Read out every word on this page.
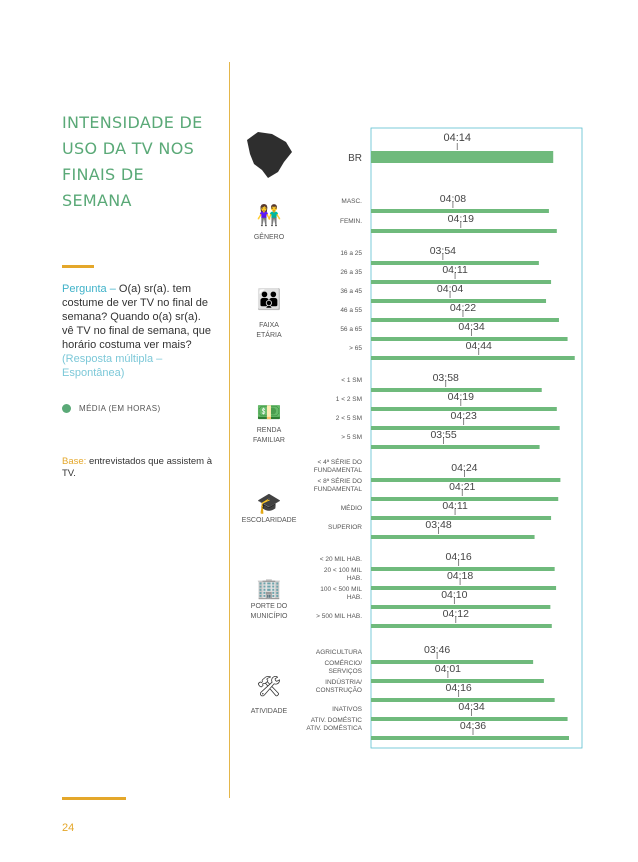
INTENSIDADE DE
USO DA TV NOS
FINAIS DE
SEMANA
Pergunta – O(a) sr(a). tem costume de ver TV no final de semana? Quando o(a) sr(a). vê TV no final de semana, que horário costuma ver mais? (Resposta múltipla – Espontânea)
MÉDIA (EM HORAS)
Base: entrevistados que assistem à TV.
24
04:14
BR
👫
GÊNERO
04:08
MASC.
04:19
FEMIN.
👪
FAIXA
ETÁRIA
03:54
16 a 25
04:11
26 a 35
04:04
36 a 45
04:22
46 a 55
04:34
56 a 65
04:44
> 65
💵
RENDA
FAMILIAR
03:58
< 1 SM
04:19
1 < 2 SM
04:23
2 < 5 SM
03:55
> 5 SM
🎓
ESCOLARIDADE
04:24
< 4ª SÉRIE DO FUNDAMENTAL
04:21
< 8ª SÉRIE DO FUNDAMENTAL
04:11
MÉDIO
03:48
SUPERIOR
🏢
PORTE DO
MUNICÍPIO
04:16
< 20 MIL HAB.
04:18
20 < 100 MIL HAB.
04:10
100 < 500 MIL HAB.
04:12
> 500 MIL HAB.
🛠
ATIVIDADE
03:46
AGRICULTURA
04:01
COMÉRCIO/ SERVIÇOS
04:16
INDÚSTRIA/ CONSTRUÇÃO
04:34
INATIVOS
04:36
ATIV. DOMÉSTIC ATIV. DOMÉSTICA
